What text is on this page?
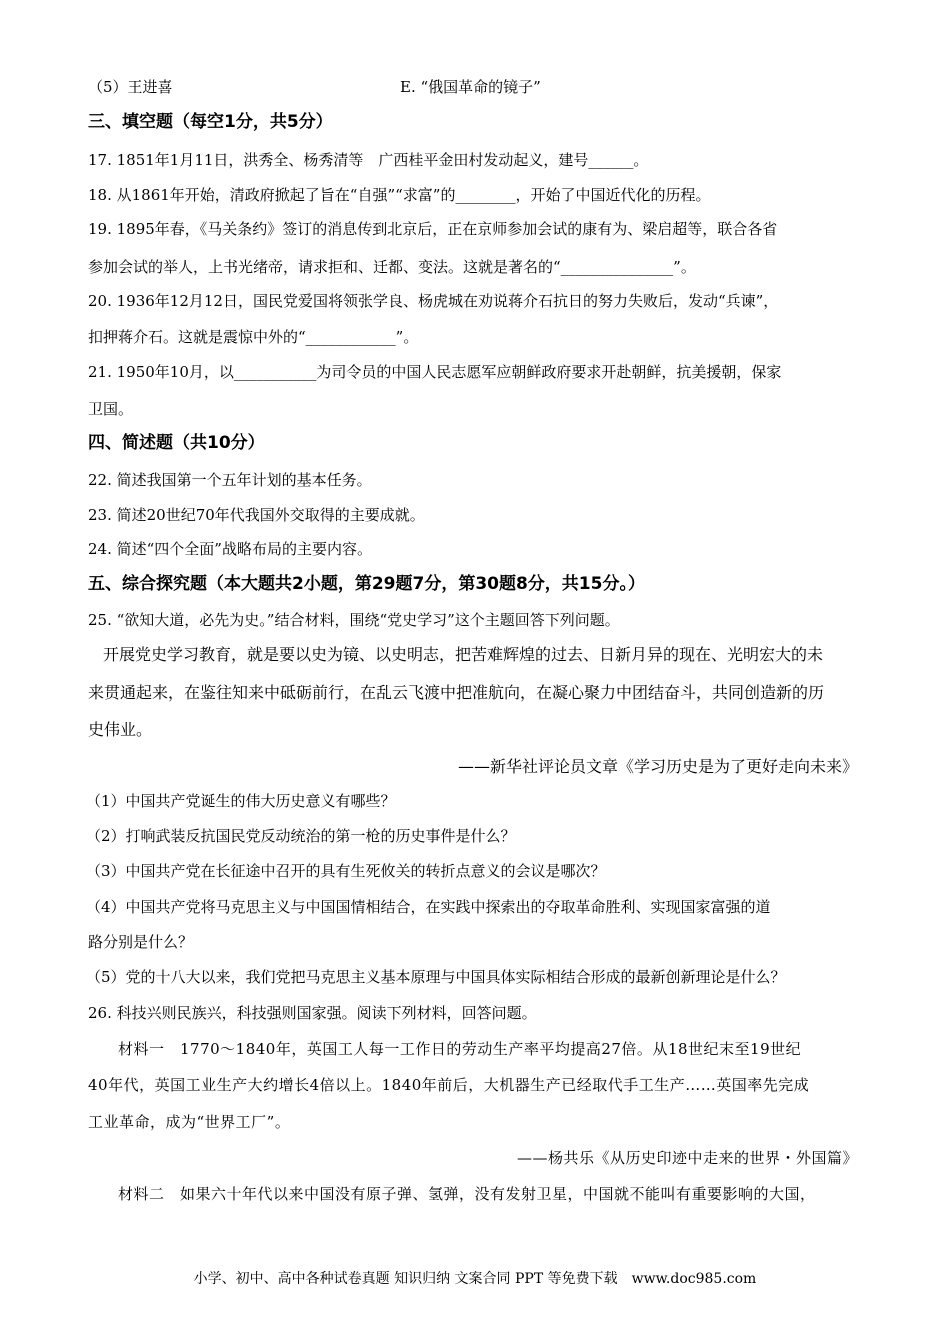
（5）王进喜	E. “俄国革命的镜子”
三、填空题（每空1分，共5分）
17. 1851年1月11日，洪秀全、杨秀清等　广西桂平金田村发动起义，建号______。
18. 从1861年开始，清政府掀起了旨在“自强”“求富”的________，开始了中国近代化的历程。
19. 1895年春，《马关条约》签订的消息传到北京后，正在京师参加会试的康有为、梁启超等，联合各省
参加会试的举人，上书光绪帝，请求拒和、迁都、变法。这就是著名的“_______________”。
20. 1936年12月12日，国民党爱国将领张学良、杨虎城在劝说蒋介石抗日的努力失败后，发动“兵谏”，
扣押蒋介石。这就是震惊中外的“____________”。
21. 1950年10月，以___________为司令员的中国人民志愿军应朝鲜政府要求开赴朝鲜，抗美援朝，保家
卫国。
四、简述题（共10分）
22. 简述我国第一个五年计划的基本任务。
23. 简述20世纪70年代我国外交取得的主要成就。
24. 简述“四个全面”战略布局的主要内容。
五、综合探究题（本大题共2小题，第29题7分，第30题8分，共15分。）
25. “欲知大道，必先为史。”结合材料，围绕“党史学习”这个主题回答下列问题。
开展党史学习教育，就是要以史为镜、以史明志，把苦难辉煌的过去、日新月异的现在、光明宏大的未
来贯通起来，在鉴往知来中砥砺前行，在乱云飞渡中把准航向，在凝心聚力中团结奋斗，共同创造新的历
史伟业。
——新华社评论员文章《学习历史是为了更好走向未来》
（1）中国共产党诞生的伟大历史意义有哪些？
（2）打响武装反抗国民党反动统治的第一枪的历史事件是什么？
（3）中国共产党在长征途中召开的具有生死攸关的转折点意义的会议是哪次？
（4）中国共产党将马克思主义与中国国情相结合，在实践中探索出的夺取革命胜利、实现国家富强的道
路分别是什么？
（5）党的十八大以来，我们党把马克思主义基本原理与中国具体实际相结合形成的最新创新理论是什么？
26. 科技兴则民族兴，科技强则国家强。阅读下列材料，回答问题。
材料一　1770～1840年，英国工人每一工作日的劳动生产率平均提高27倍。从18世纪末至19世纪
40年代，英国工业生产大约增长4倍以上。1840年前后，大机器生产已经取代手工生产……英国率先完成
工业革命，成为“世界工厂”。
——杨共乐《从历史印迹中走来的世界・外国篇》
材料二　如果六十年代以来中国没有原子弹、氢弹，没有发射卫星，中国就不能叫有重要影响的大国，
小学、初中、高中各种试卷真题 知识归纳 文案合同 PPT 等免费下载　www.doc985.com
